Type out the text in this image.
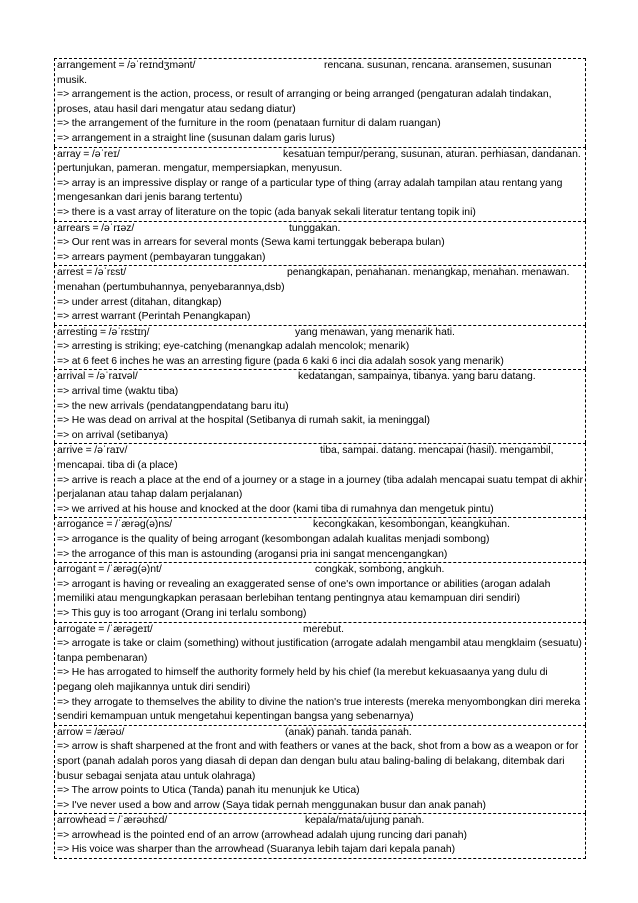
arrangement = /əˈreɪndʒmənt/	rencana. susunan, rencana. aransemen, susunan musik.
=> arrangement is the action, process, or result of arranging or being arranged (pengaturan adalah tindakan, proses, atau hasil dari mengatur atau sedang diatur)
=> the arrangement of the furniture in the room (penataan furnitur di dalam ruangan)
=> arrangement in a straight line (susunan dalam garis lurus)
array = /əˈreɪ/	kesatuan tempur/perang, susunan, aturan. perhiasan, dandanan. pertunjukan, pameran. mengatur, mempersiapkan, menyusun.
=> array is an impressive display or range of a particular type of thing (array adalah tampilan atau rentang yang mengesankan dari jenis barang tertentu)
=> there is a vast array of literature on the topic (ada banyak sekali literatur tentang topik ini)
arrears = /əˈrɪəz/	tunggakan.
=> Our rent was in arrears for several monts (Sewa kami tertunggak beberapa bulan)
=> arrears payment (pembayaran tunggakan)
arrest = /əˈrɛst/	penangkapan, penahanan. menangkap, menahan. menawan. menahan (pertumbuhannya, penyebarannya,dsb)
=> under arrest (ditahan, ditangkap)
=> arrest warrant (Perintah Penangkapan)
arresting = /əˈrɛstɪŋ/	yang menawan, yang menarik hati.
=> arresting is striking; eye-catching (menangkap adalah mencolok; menarik)
=> at 6 feet 6 inches he was an arresting figure (pada 6 kaki 6 inci dia adalah sosok yang menarik)
arrival = /əˈraɪvəl/	kedatangan, sampainya, tibanya. yang baru datang.
=> arrival time (waktu tiba)
=> the new arrivals (pendatangpendatang baru itu)
=> He was dead on arrival at the hospital (Setibanya di rumah sakit, ia meninggal)
=> on arrival (setibanya)
arrive = /əˈraɪv/	tiba, sampai. datang. mencapai (hasil). mengambil, mencapai. tiba di (a place)
=> arrive is reach a place at the end of a journey or a stage in a journey (tiba adalah mencapai suatu tempat di akhir perjalanan atau tahap dalam perjalanan)
=> we arrived at his house and knocked at the door (kami tiba di rumahnya dan mengetuk pintu)
arrogance = /ˈærəɡ(ə)ns/	kecongkakan, kesombongan, keangkuhan.
=> arrogance is the quality of being arrogant (kesombongan adalah kualitas menjadi sombong)
=> the arrogance of this man is astounding (arogansi pria ini sangat mencengangkan)
arrogant = /ˈærəɡ(ə)nt/	congkak, sombong, angkuh.
=> arrogant is having or revealing an exaggerated sense of one's own importance or abilities (arogan adalah memiliki atau mengungkapkan perasaan berlebihan tentang pentingnya atau kemampuan diri sendiri)
=> This guy is too arrogant (Orang ini terlalu sombong)
arrogate = /ˈærəɡeɪt/	merebut.
=> arrogate is take or claim (something) without justification (arrogate adalah mengambil atau mengklaim (sesuatu) tanpa pembenaran)
=> He has arrogated to himself the authority formely held by his chief (Ia merebut kekuasaanya yang dulu di pegang oleh majikannya untuk diri sendiri)
=> they arrogate to themselves the ability to divine the nation's true interests (mereka menyombongkan diri mereka sendiri kemampuan untuk mengetahui kepentingan bangsa yang sebenarnya)
arrow = /ærəʊ/	(anak) panah. tanda panah.
=> arrow is shaft sharpened at the front and with feathers or vanes at the back, shot from a bow as a weapon or for sport (panah adalah poros yang diasah di depan dan dengan bulu atau baling-baling di belakang, ditembak dari busur sebagai senjata atau untuk olahraga)
=> The arrow points to Utica (Tanda) panah itu menunjuk ke Utica)
=> I've never used a bow and arrow (Saya tidak pernah menggunakan busur dan anak panah)
arrowhead = /ˈærəʊhɛd/	kepala/mata/ujung panah.
=> arrowhead is the pointed end of an arrow (arrowhead adalah ujung runcing dari panah)
=> His voice was sharper than the arrowhead (Suaranya lebih tajam dari kepala panah)
